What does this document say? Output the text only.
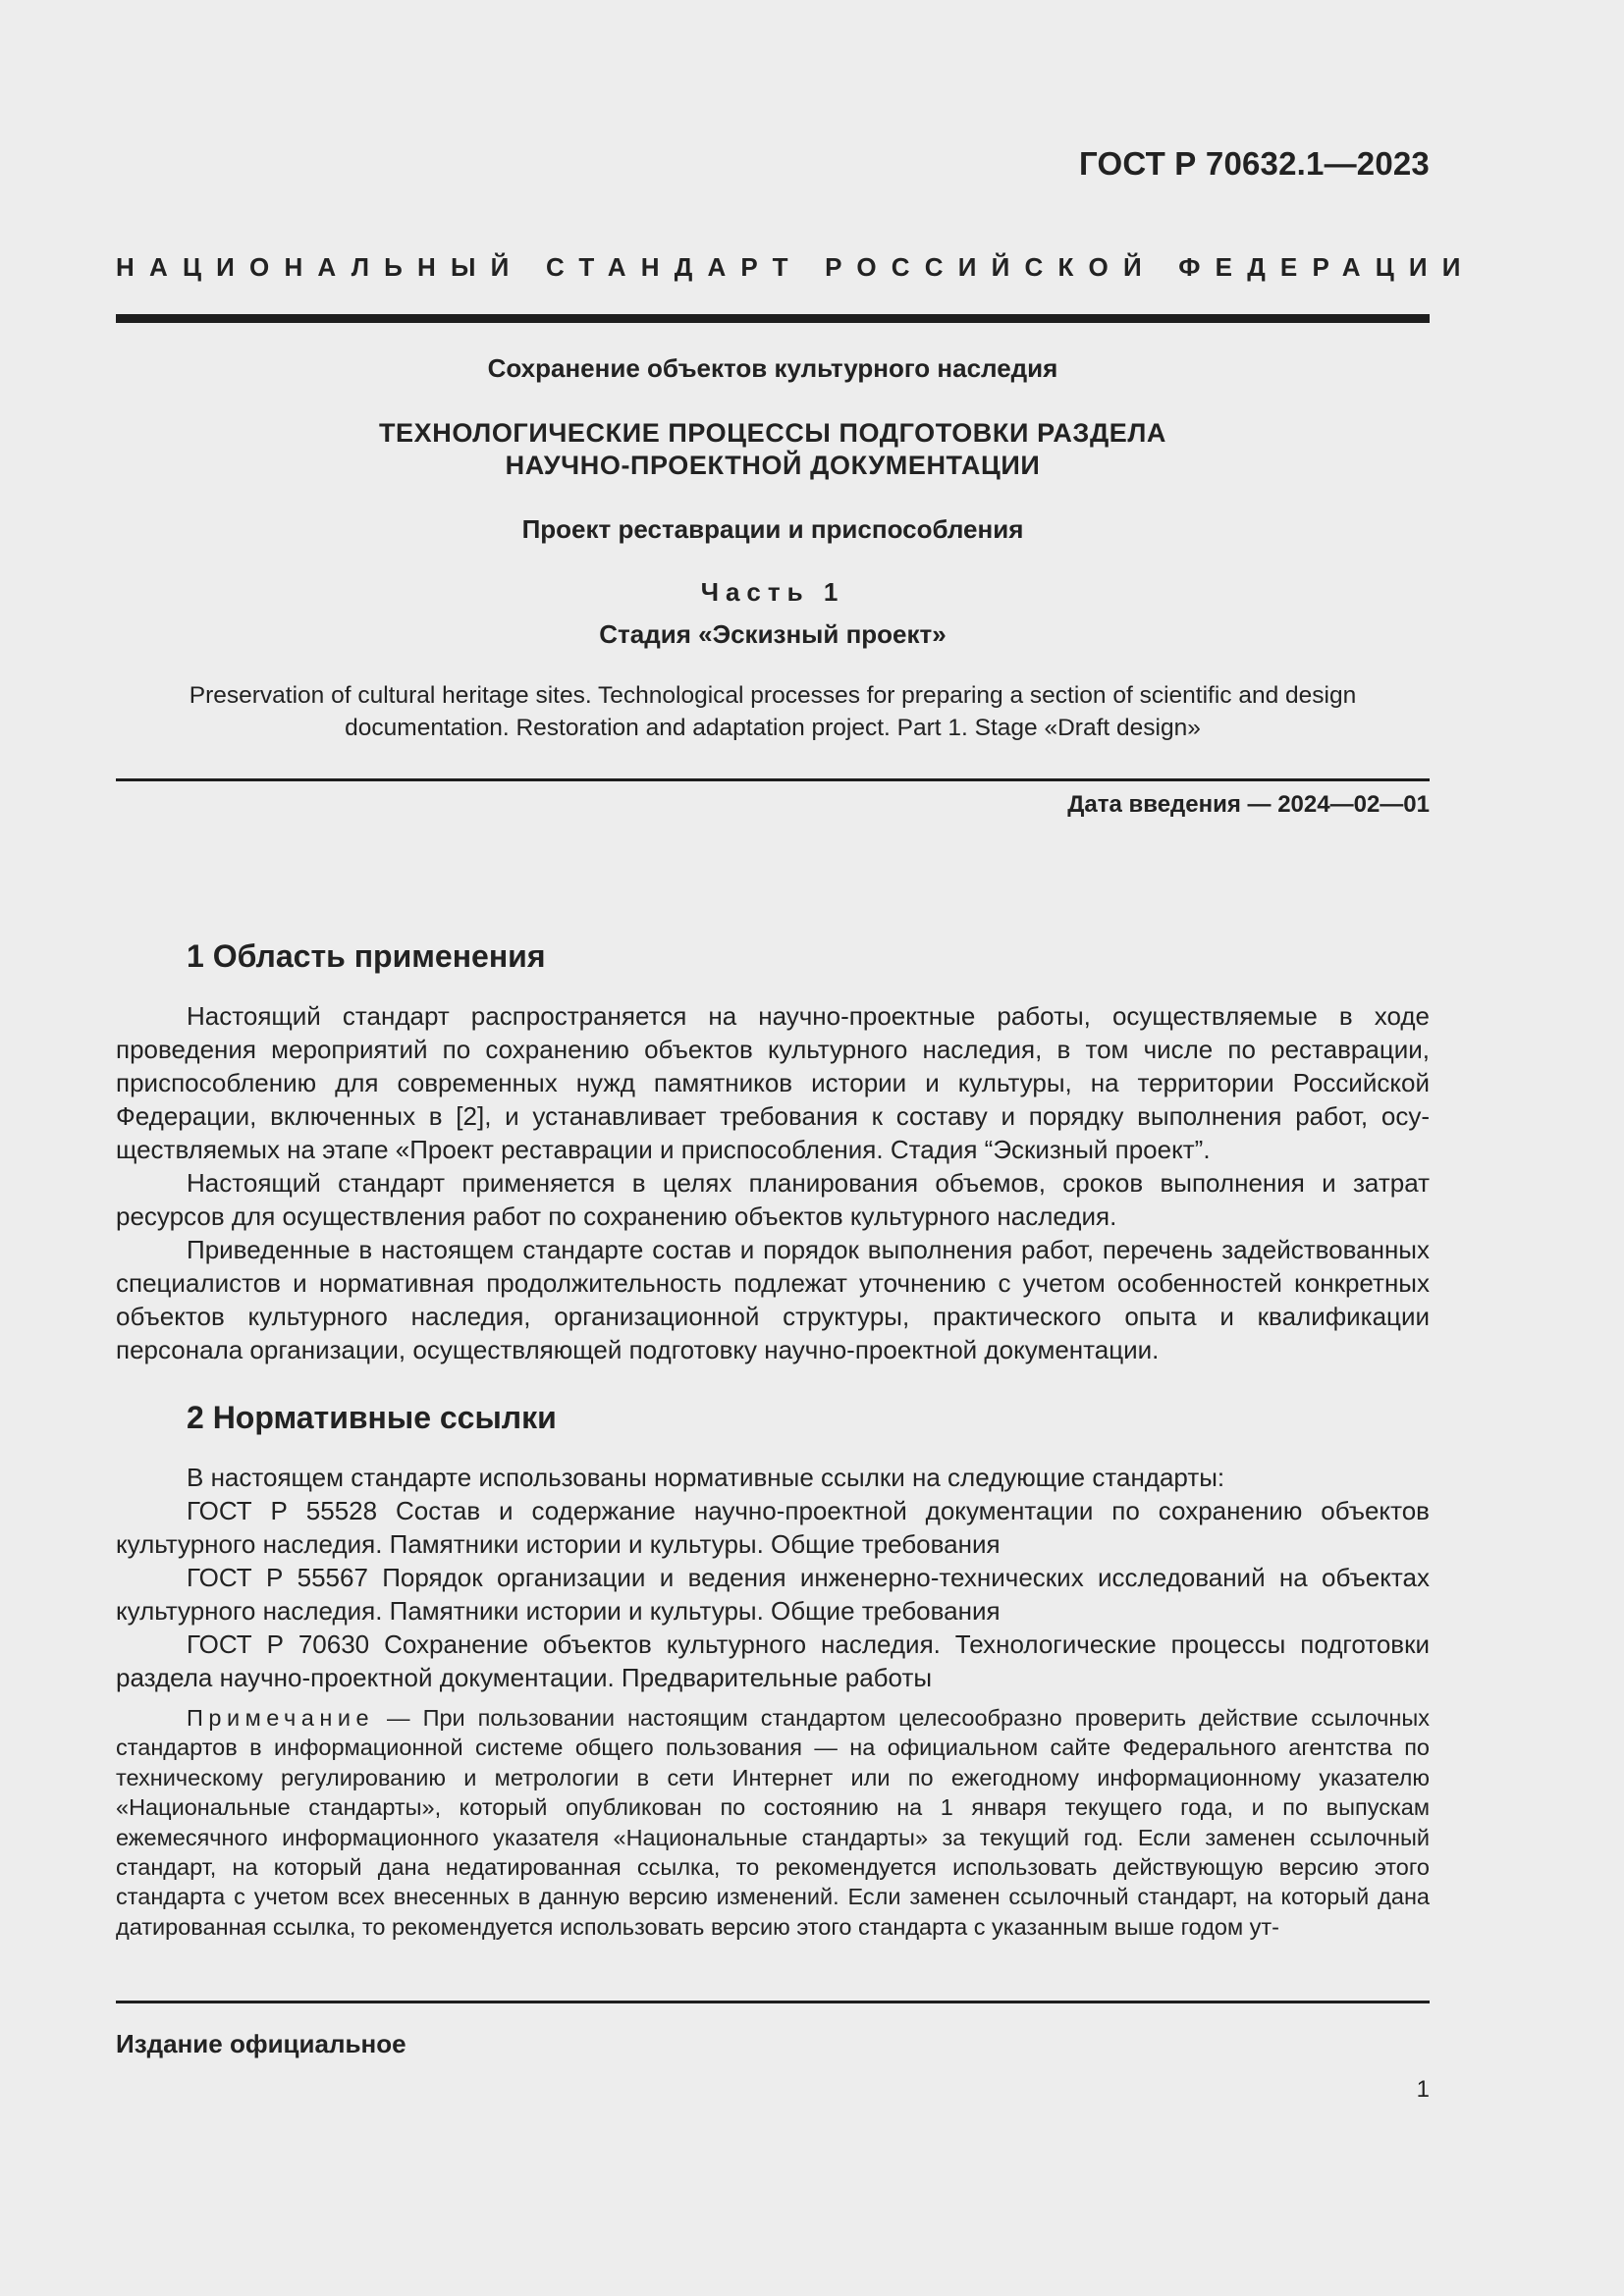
ГОСТ Р 70632.1—2023
НАЦИОНАЛЬНЫЙ СТАНДАРТ РОССИЙСКОЙ ФЕДЕРАЦИИ
Сохранение объектов культурного наследия
ТЕХНОЛОГИЧЕСКИЕ ПРОЦЕССЫ ПОДГОТОВКИ РАЗДЕЛА
НАУЧНО-ПРОЕКТНОЙ ДОКУМЕНТАЦИИ
Проект реставрации и приспособления
Часть 1
Стадия «Эскизный проект»
Preservation of cultural heritage sites. Technological processes for preparing a section of scientific and design
documentation. Restoration and adaptation project. Part 1. Stage «Draft design»
Дата введения — 2024—02—01
1 Область применения

Настоящий стандарт распространяется на научно-проектные работы, осуществляемые в ходе проведения мероприятий по сохранению объектов культурного наследия, в том числе по реставрации, приспособлению для современных нужд памятников истории и культуры, на территории Российской Федерации, включенных в [2], и устанавливает требования к составу и порядку выполнения работ, осуществляемых на этапе «Проект реставрации и приспособления. Стадия “Эскизный проект”.

Настоящий стандарт применяется в целях планирования объемов, сроков выполнения и затрат ресурсов для осуществления работ по сохранению объектов культурного наследия.

Приведенные в настоящем стандарте состав и порядок выполнения работ, перечень задействованных специалистов и нормативная продолжительность подлежат уточнению с учетом особенностей конкретных объектов культурного наследия, организационной структуры, практического опыта и квалификации персонала организации, осуществляющей подготовку научно-проектной документации.

2 Нормативные ссылки

В настоящем стандарте использованы нормативные ссылки на следующие стандарты:

ГОСТ Р 55528 Состав и содержание научно-проектной документации по сохранению объектов культурного наследия. Памятники истории и культуры. Общие требования

ГОСТ Р 55567 Порядок организации и ведения инженерно-технических исследований на объектах культурного наследия. Памятники истории и культуры. Общие требования

ГОСТ Р 70630 Сохранение объектов культурного наследия. Технологические процессы подготовки раздела научно-проектной документации. Предварительные работы

Примечание — При пользовании настоящим стандартом целесообразно проверить действие ссылочных стандартов в информационной системе общего пользования — на официальном сайте Федерального агентства по техническому регулированию и метрологии в сети Интернет или по ежегодному информационному указателю «Национальные стандарты», который опубликован по состоянию на 1 января текущего года, и по выпускам ежемесячного информационного указателя «Национальные стандарты» за текущий год. Если заменен ссылочный стандарт, на который дана недатированная ссылка, то рекомендуется использовать действующую версию этого стандарта с учетом всех внесенных в данную версию изменений. Если заменен ссылочный стандарт, на который дана датированная ссылка, то рекомендуется использовать версию этого стандарта с указанным выше годом ут-

Издание официальное
1
